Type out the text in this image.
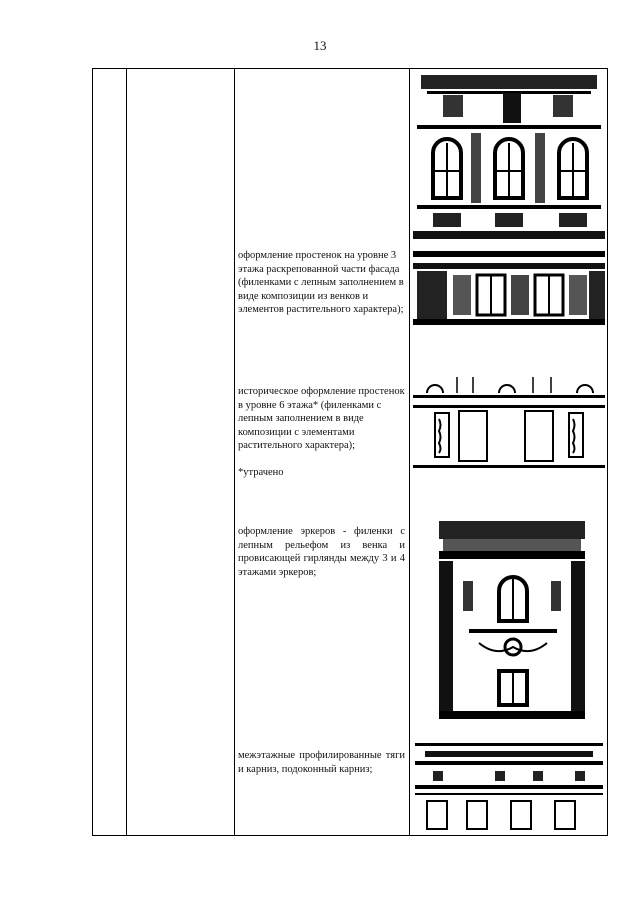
13

оформление простенок на уровне 3 этажа раскрепованной части фасада (филенками с лепным заполнением в виде композиции из венков и элементов растительного характера);

историческое оформление простенок в уровне 6 этажа* (филенками с лепным заполнением в виде композиции с элементами растительного характера);

*утрачено

оформление эркеров - филенки с лепным рельефом из венка и провисающей гирлянды между 3 и 4 этажами эркеров;

межэтажные профилированные тяги и карниз, подоконный карниз;
